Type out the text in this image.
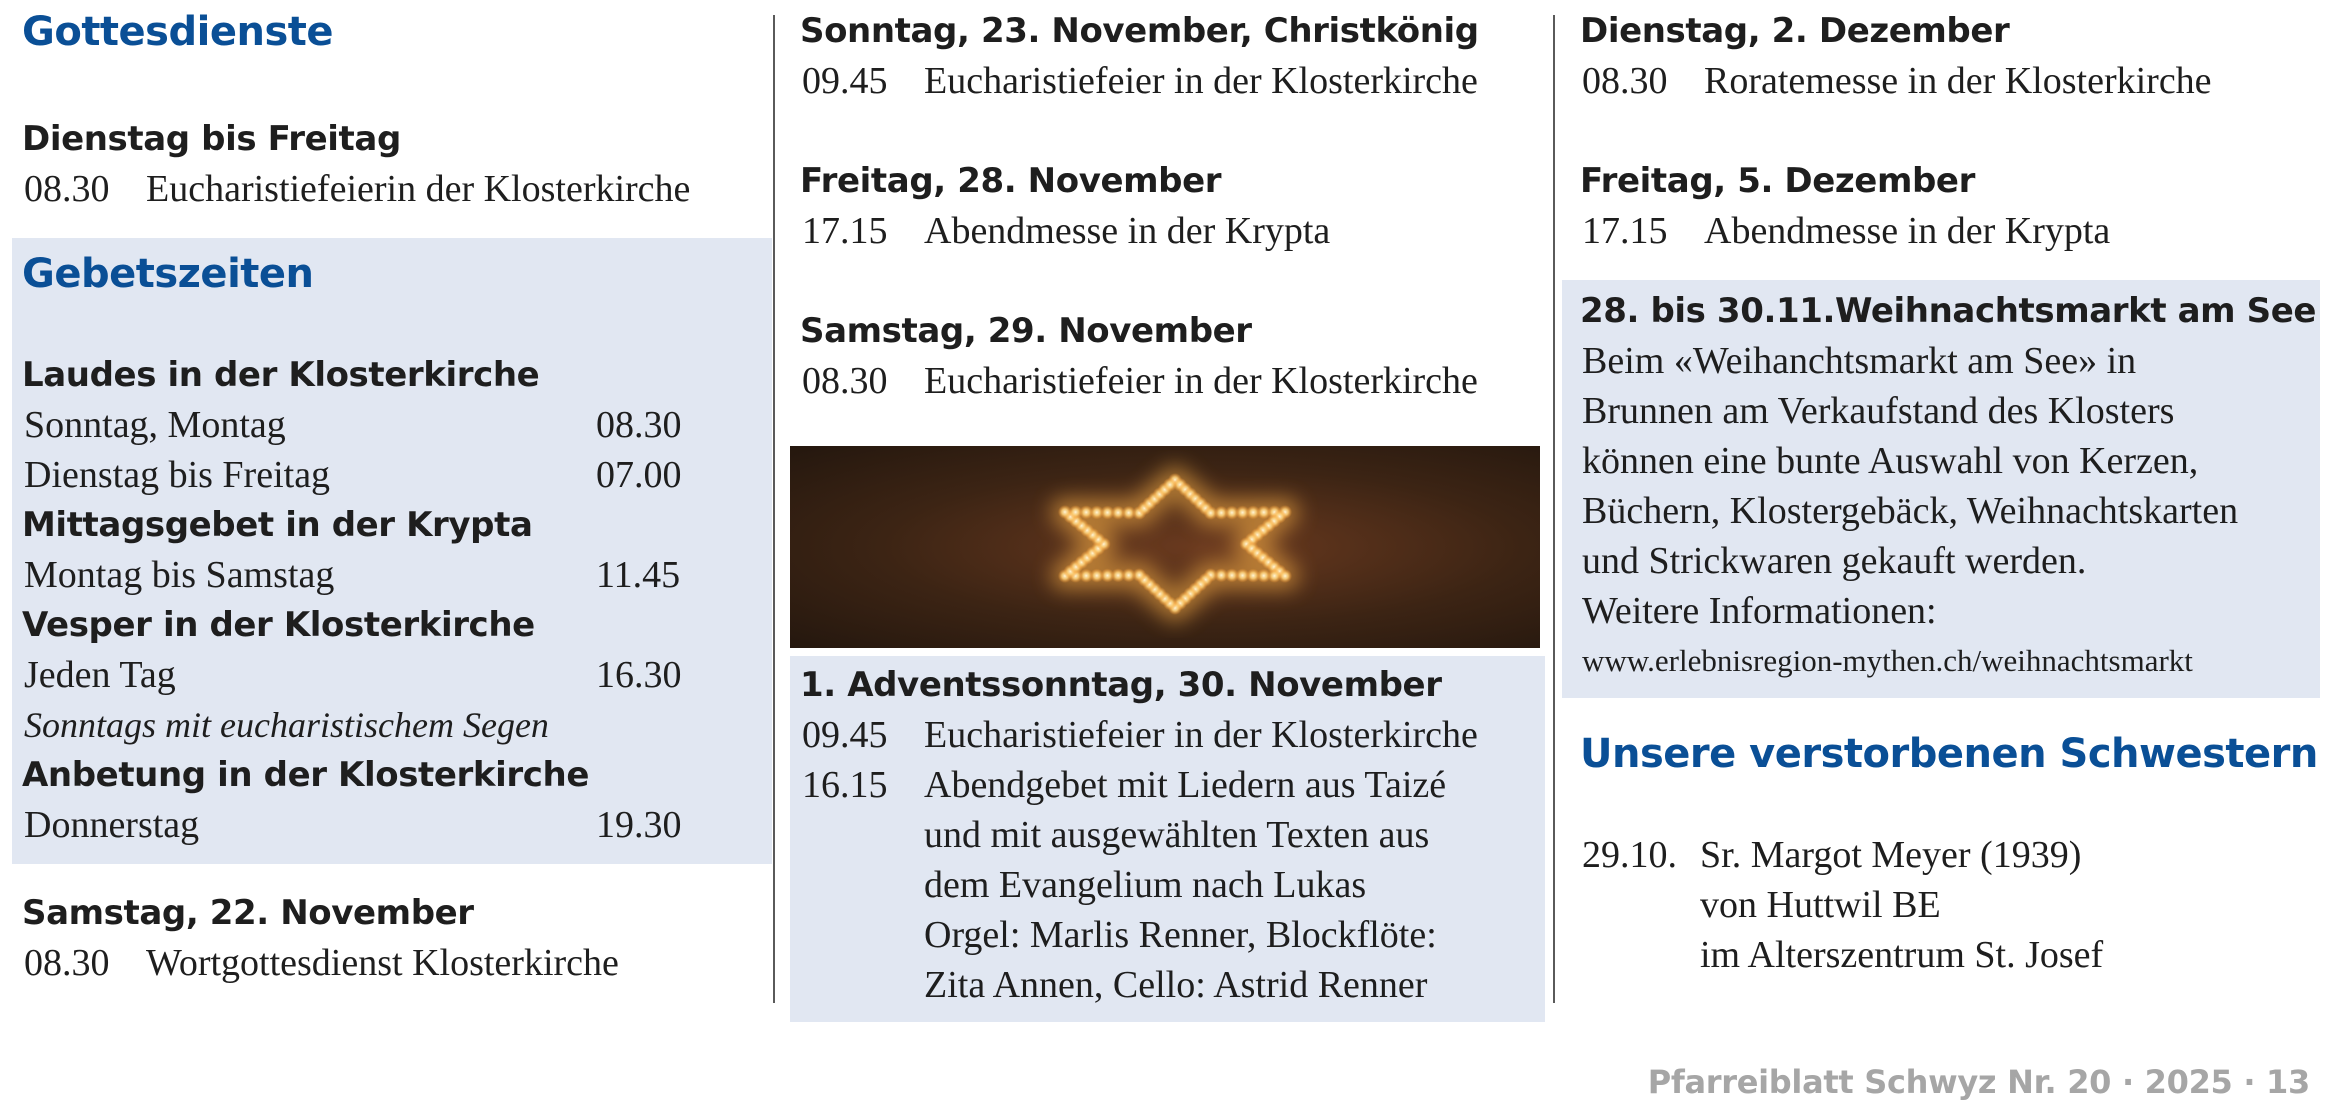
Gottesdienste
Dienstag bis Freitag
08.30 Eucharistiefeierin der Klosterkirche
Gebetszeiten
Laudes in der Klosterkirche
Sonntag, Montag	08.30
Dienstag bis Freitag	07.00
Mittagsgebet in der Krypta
Montag bis Samstag	11.45
Vesper in der Klosterkirche
Jeden Tag	16.30
Sonntags mit eucharistischem Segen
Anbetung in der Klosterkirche
Donnerstag	19.30
Samstag, 22. November
08.30 Wortgottesdienst Klosterkirche
Sonntag, 23. November, Christkönig
09.45 Eucharistiefeier in der Klosterkirche
Freitag, 28. November
17.15 Abendmesse in der Krypta
Samstag, 29. November
08.30 Eucharistiefeier in der Klosterkirche
1. Adventssonntag, 30. November
09.45 Eucharistiefeier in der Klosterkirche
16.15 Abendgebet mit Liedern aus Taizé
und mit ausgewählten Texten aus
dem Evangelium nach Lukas
Orgel: Marlis Renner, Blockflöte:
Zita Annen, Cello: Astrid Renner
Dienstag, 2. Dezember
08.30 Roratemesse in der Klosterkirche
Freitag, 5. Dezember
17.15 Abendmesse in der Krypta
28. bis 30.11.Weihnachtsmarkt am See
Beim «Weihanchtsmarkt am See» in
Brunnen am Verkaufstand des Klosters
können eine bunte Auswahl von Kerzen,
Büchern, Klostergebäck, Weihnachtskarten
und Strickwaren gekauft werden.
Weitere Informationen:
www.erlebnisregion-mythen.ch/weihnachtsmarkt
Unsere verstorbenen Schwestern
29.10. Sr. Margot Meyer (1939)
von Huttwil BE
im Alterszentrum St. Josef
Pfarreiblatt Schwyz Nr. 20 · 2025 · 13
